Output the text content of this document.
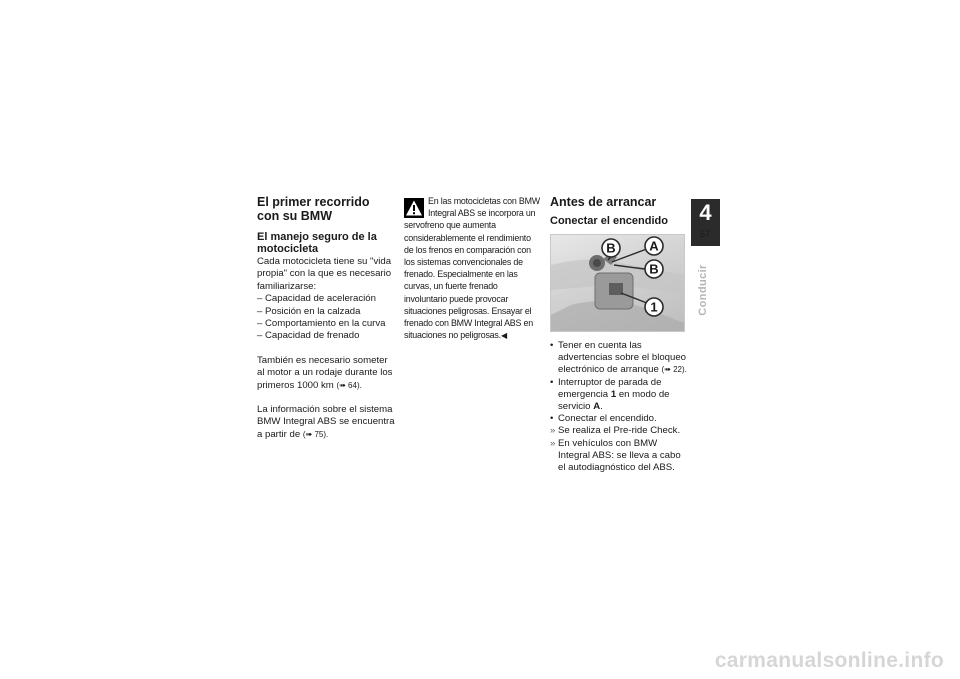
El primer recorrido con su BMW
El manejo seguro de la motocicleta

Cada motocicleta tiene su "vida propia" con la que es necesario familiarizarse:

– Capacidad de aceleración
– Posición en la calzada
– Comportamiento en la curva
– Capacidad de frenado

También es necesario someter al motor a un rodaje durante los primeros 1000 km (➠ 64).

La información sobre el sistema BMW Integral ABS se encuentra a partir de (➠ 75).

En las motocicletas con BMW Integral ABS se incorpora un servofreno que aumenta considerablemente el rendimiento de los frenos en comparación con los sistemas convencionales de frenado. Especialmente en las curvas, un fuerte frenado involuntario puede provocar situaciones peligrosas. Ensayar el frenado con BMW Integral ABS en situaciones no peligrosas.◀
Antes de arrancar
Conectar el encendido
B	A
B
1
• Tener en cuenta las advertencias sobre el bloqueo electrónico de arranque (➠ 22).
• Interruptor de parada de emergencia 1 en modo de servicio A.
• Conectar el encendido.
» Se realiza el Pre-ride Check.
» En vehículos con BMW Integral ABS: se lleva a cabo el autodiagnóstico del ABS.
4
57
Conducir
carmanualsonline.info
